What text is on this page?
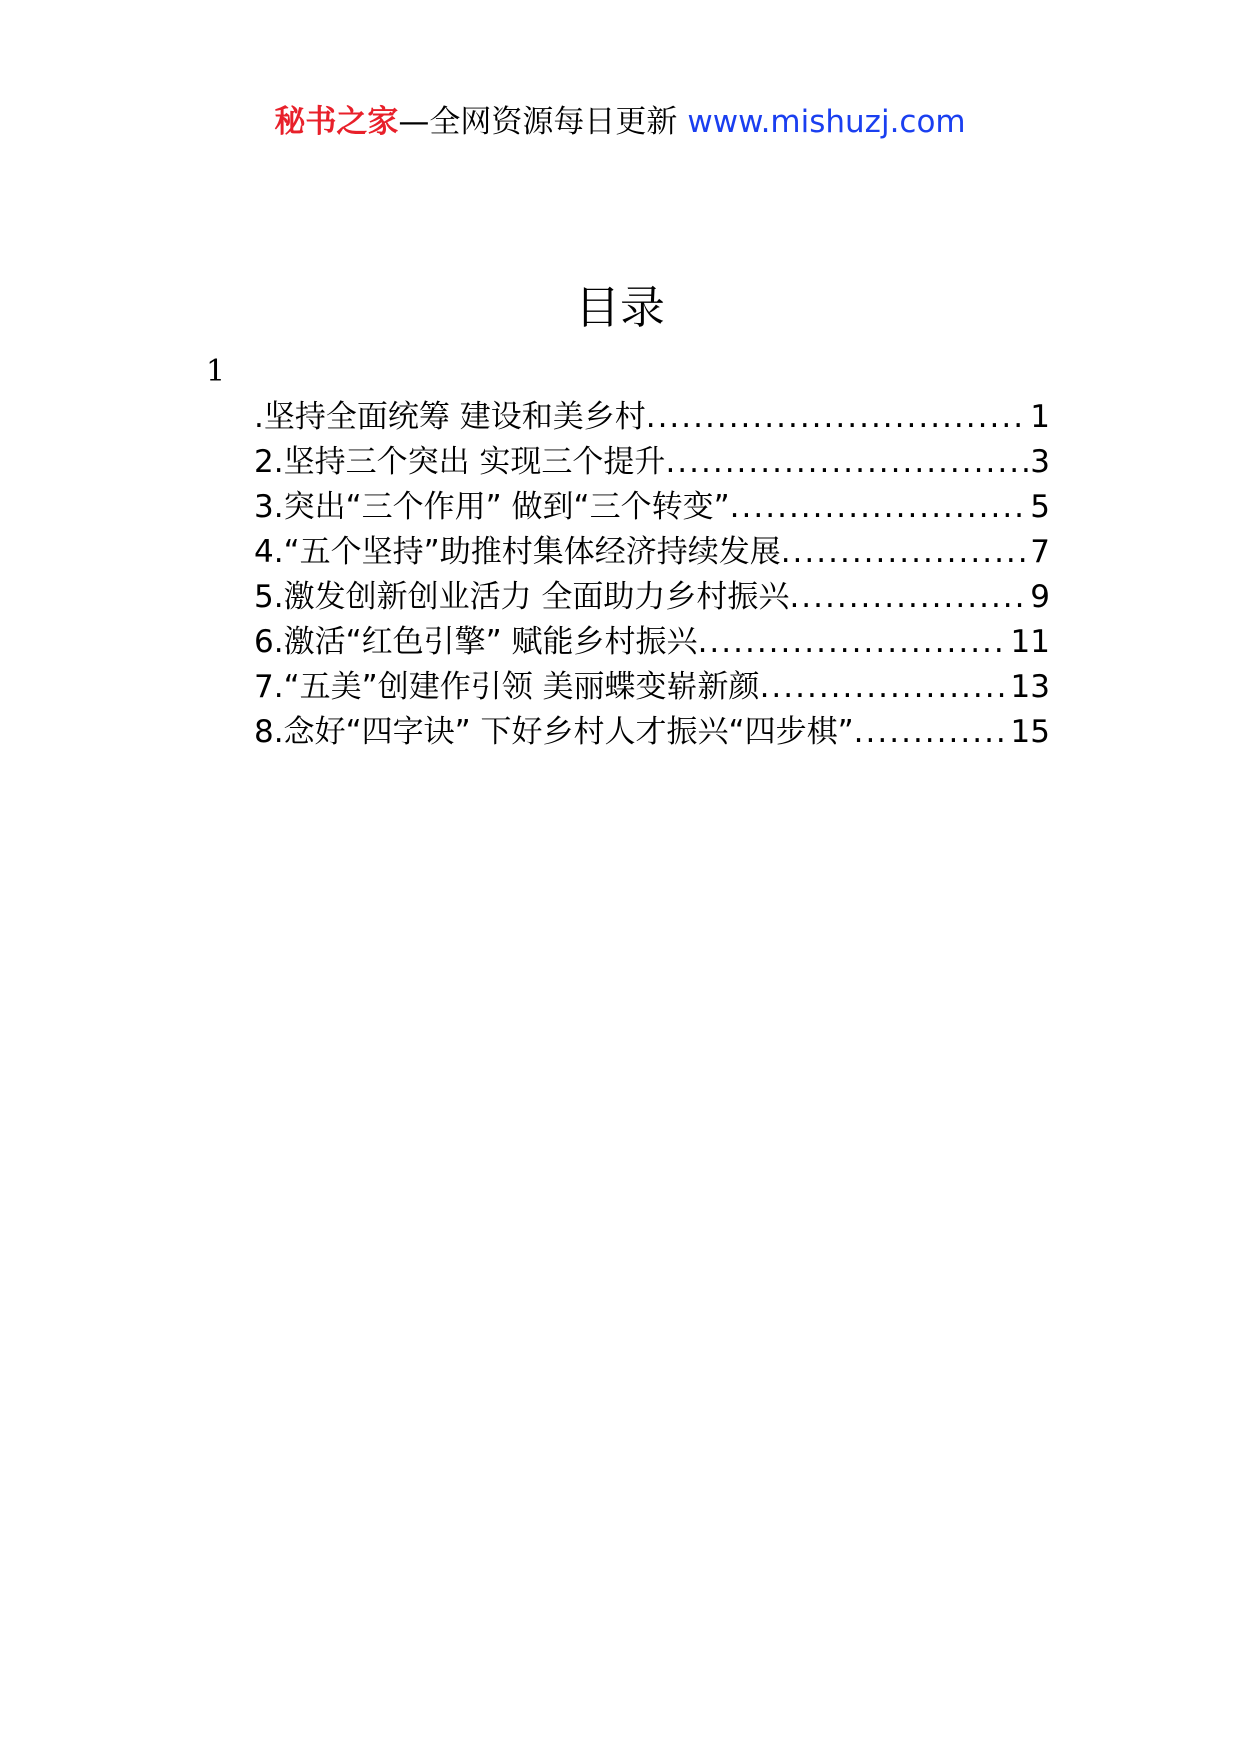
秘书之家—全网资源每日更新 www.mishuzj.com
目录
1
.坚持全面统筹 建设和美乡村 .....	1
2.坚持三个突出 实现三个提升 .....	3
3.突出“三个作用” 做到“三个转变” .....	5
4.“五个坚持”助推村集体经济持续发展 .....	7
5.激发创新创业活力 全面助力乡村振兴 .....	9
6.激活“红色引擎” 赋能乡村振兴 .....	11
7.“五美”创建作引领 美丽蝶变崭新颜 .....	13
8.念好“四字诀” 下好乡村人才振兴“四步棋” .....	15
